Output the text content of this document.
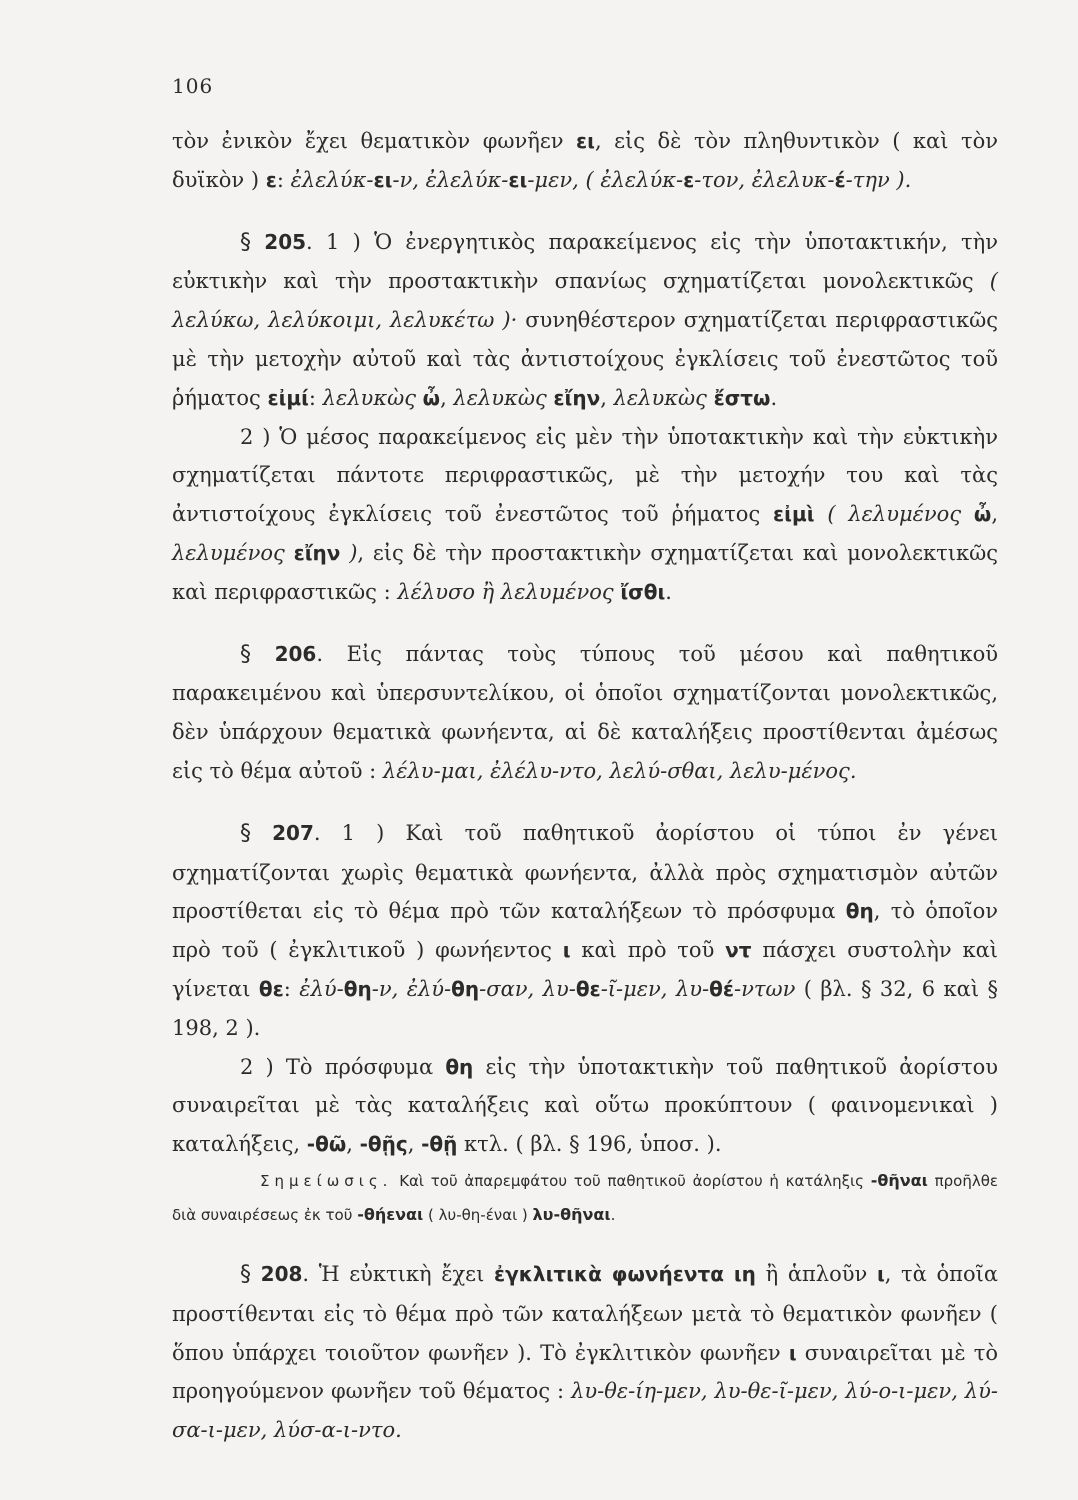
106

τὸν ἐνικὸν ἔχει θεματικὸν φωνῆεν ει, εἰς δὲ τὸν πληθυντικὸν ( καὶ τὸν δυϊκὸν ) ε: ἐλελύκ-ει-ν, ἐλελύκ-ει-μεν, ( ἐλελύκ-ε-τον, ἐλελυκ-έ-την ).

§ 205. 1 ) Ὁ ἐνεργητικὸς παρακείμενος εἰς τὴν ὑποτακτικήν, τὴν εὐκτικὴν καὶ τὴν προστακτικὴν σπανίως σχηματίζεται μονολεκτικῶς ( λελύκω, λελύκοιμι, λελυκέτω )· συνηθέστερον σχηματίζεται περιφραστικῶς μὲ τὴν μετοχὴν αὐτοῦ καὶ τὰς ἀντιστοίχους ἐγκλίσεις τοῦ ἐνεστῶτος τοῦ ῥήματος εἰμί: λελυκὼς ὦ, λελυκὼς εἴην, λελυκὼς ἔστω.

2 ) Ὁ μέσος παρακείμενος εἰς μὲν τὴν ὑποτακτικὴν καὶ τὴν εὐκτικὴν σχηματίζεται πάντοτε περιφραστικῶς, μὲ τὴν μετοχήν του καὶ τὰς ἀντιστοίχους ἐγκλίσεις τοῦ ἐνεστῶτος τοῦ ῥήματος εἰμὶ ( λελυμένος ὦ, λελυμένος εἴην ), εἰς δὲ τὴν προστακτικὴν σχηματίζεται καὶ μονολεκτικῶς καὶ περιφραστικῶς : λέλυσο ἢ λελυμένος ἴσθι.

§ 206. Εἰς πάντας τοὺς τύπους τοῦ μέσου καὶ παθητικοῦ παρακειμένου καὶ ὑπερσυντελίκου, οἱ ὁποῖοι σχηματίζονται μονολεκτικῶς, δὲν ὑπάρχουν θεματικὰ φωνήεντα, αἱ δὲ καταλήξεις προστίθενται ἀμέσως εἰς τὸ θέμα αὐτοῦ : λέλυ-μαι, ἐλέλυ-ντο, λελύ-σθαι, λελυ-μένος.

§ 207. 1 ) Καὶ τοῦ παθητικοῦ ἀορίστου οἱ τύποι ἐν γένει σχηματίζονται χωρὶς θεματικὰ φωνήεντα, ἀλλὰ πρὸς σχηματισμὸν αὐτῶν προστίθεται εἰς τὸ θέμα πρὸ τῶν καταλήξεων τὸ πρόσφυμα θη, τὸ ὁποῖον πρὸ τοῦ ( ἐγκλιτικοῦ ) φωνήεντος ι καὶ πρὸ τοῦ ντ πάσχει συστολὴν καὶ γίνεται θε: ἐλύ-θη-ν, ἐλύ-θη-σαν, λυ-θε-ῖ-μεν, λυ-θέ-ντων ( βλ. § 32, 6 καὶ § 198, 2 ).

2 ) Τὸ πρόσφυμα θη εἰς τὴν ὑποτακτικὴν τοῦ παθητικοῦ ἀορίστου συναιρεῖται μὲ τὰς καταλήξεις καὶ οὕτω προκύπτουν ( φαινομενικαὶ ) καταλήξεις, -θῶ, -θῇς, -θῇ κτλ. ( βλ. § 196, ὑποσ. ).

Σημείωσις. Καὶ τοῦ ἀπαρεμφάτου τοῦ παθητικοῦ ἀορίστου ἡ κατάληξις -θῆναι προῆλθε διὰ συναιρέσεως ἐκ τοῦ -θήεναι ( λυ-θη-έναι ) λυ-θῆναι.

§ 208. Ἡ εὐκτικὴ ἔχει ἐγκλιτικὰ φωνήεντα ιη ἢ ἁπλοῦν ι, τὰ ὁποῖα προστίθενται εἰς τὸ θέμα πρὸ τῶν καταλήξεων μετὰ τὸ θεματικὸν φωνῆεν ( ὅπου ὑπάρχει τοιοῦτον φωνῆεν ). Τὸ ἐγκλιτικὸν φωνῆεν ι συναιρεῖται μὲ τὸ προηγούμενον φωνῆεν τοῦ θέματος : λυ-θε-ίη-μεν, λυ-θε-ῖ-μεν, λύ-ο-ι-μεν, λύ-σα-ι-μεν, λύσ-α-ι-ντο.
